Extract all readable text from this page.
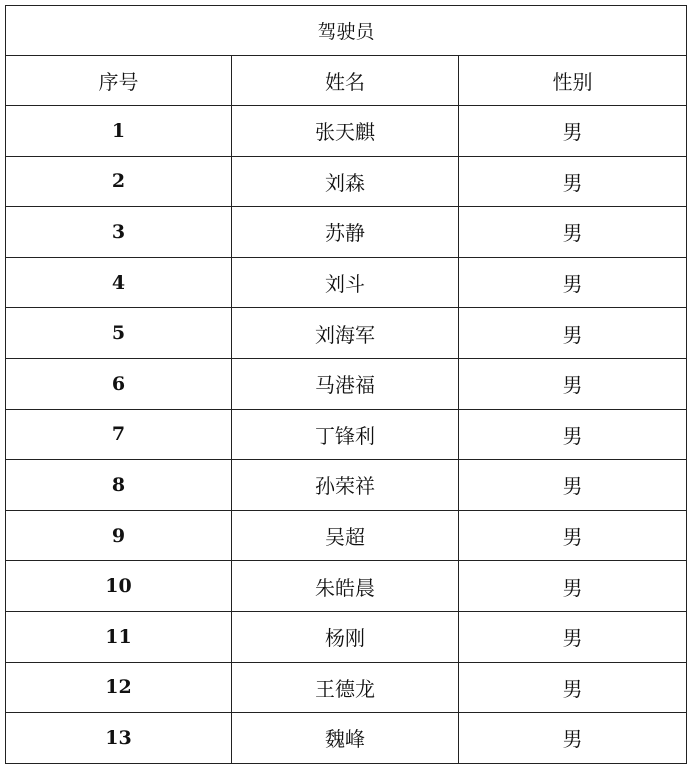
驾驶员		
序号	姓名	性别
1	张天麒	男
2	刘森	男
3	苏静	男
4	刘斗	男
5	刘海军	男
6	马港福	男
7	丁锋利	男
8	孙荣祥	男
9	吴超	男
10	朱皓晨	男
11	杨刚	男
12	王德龙	男
13	魏峰	男
